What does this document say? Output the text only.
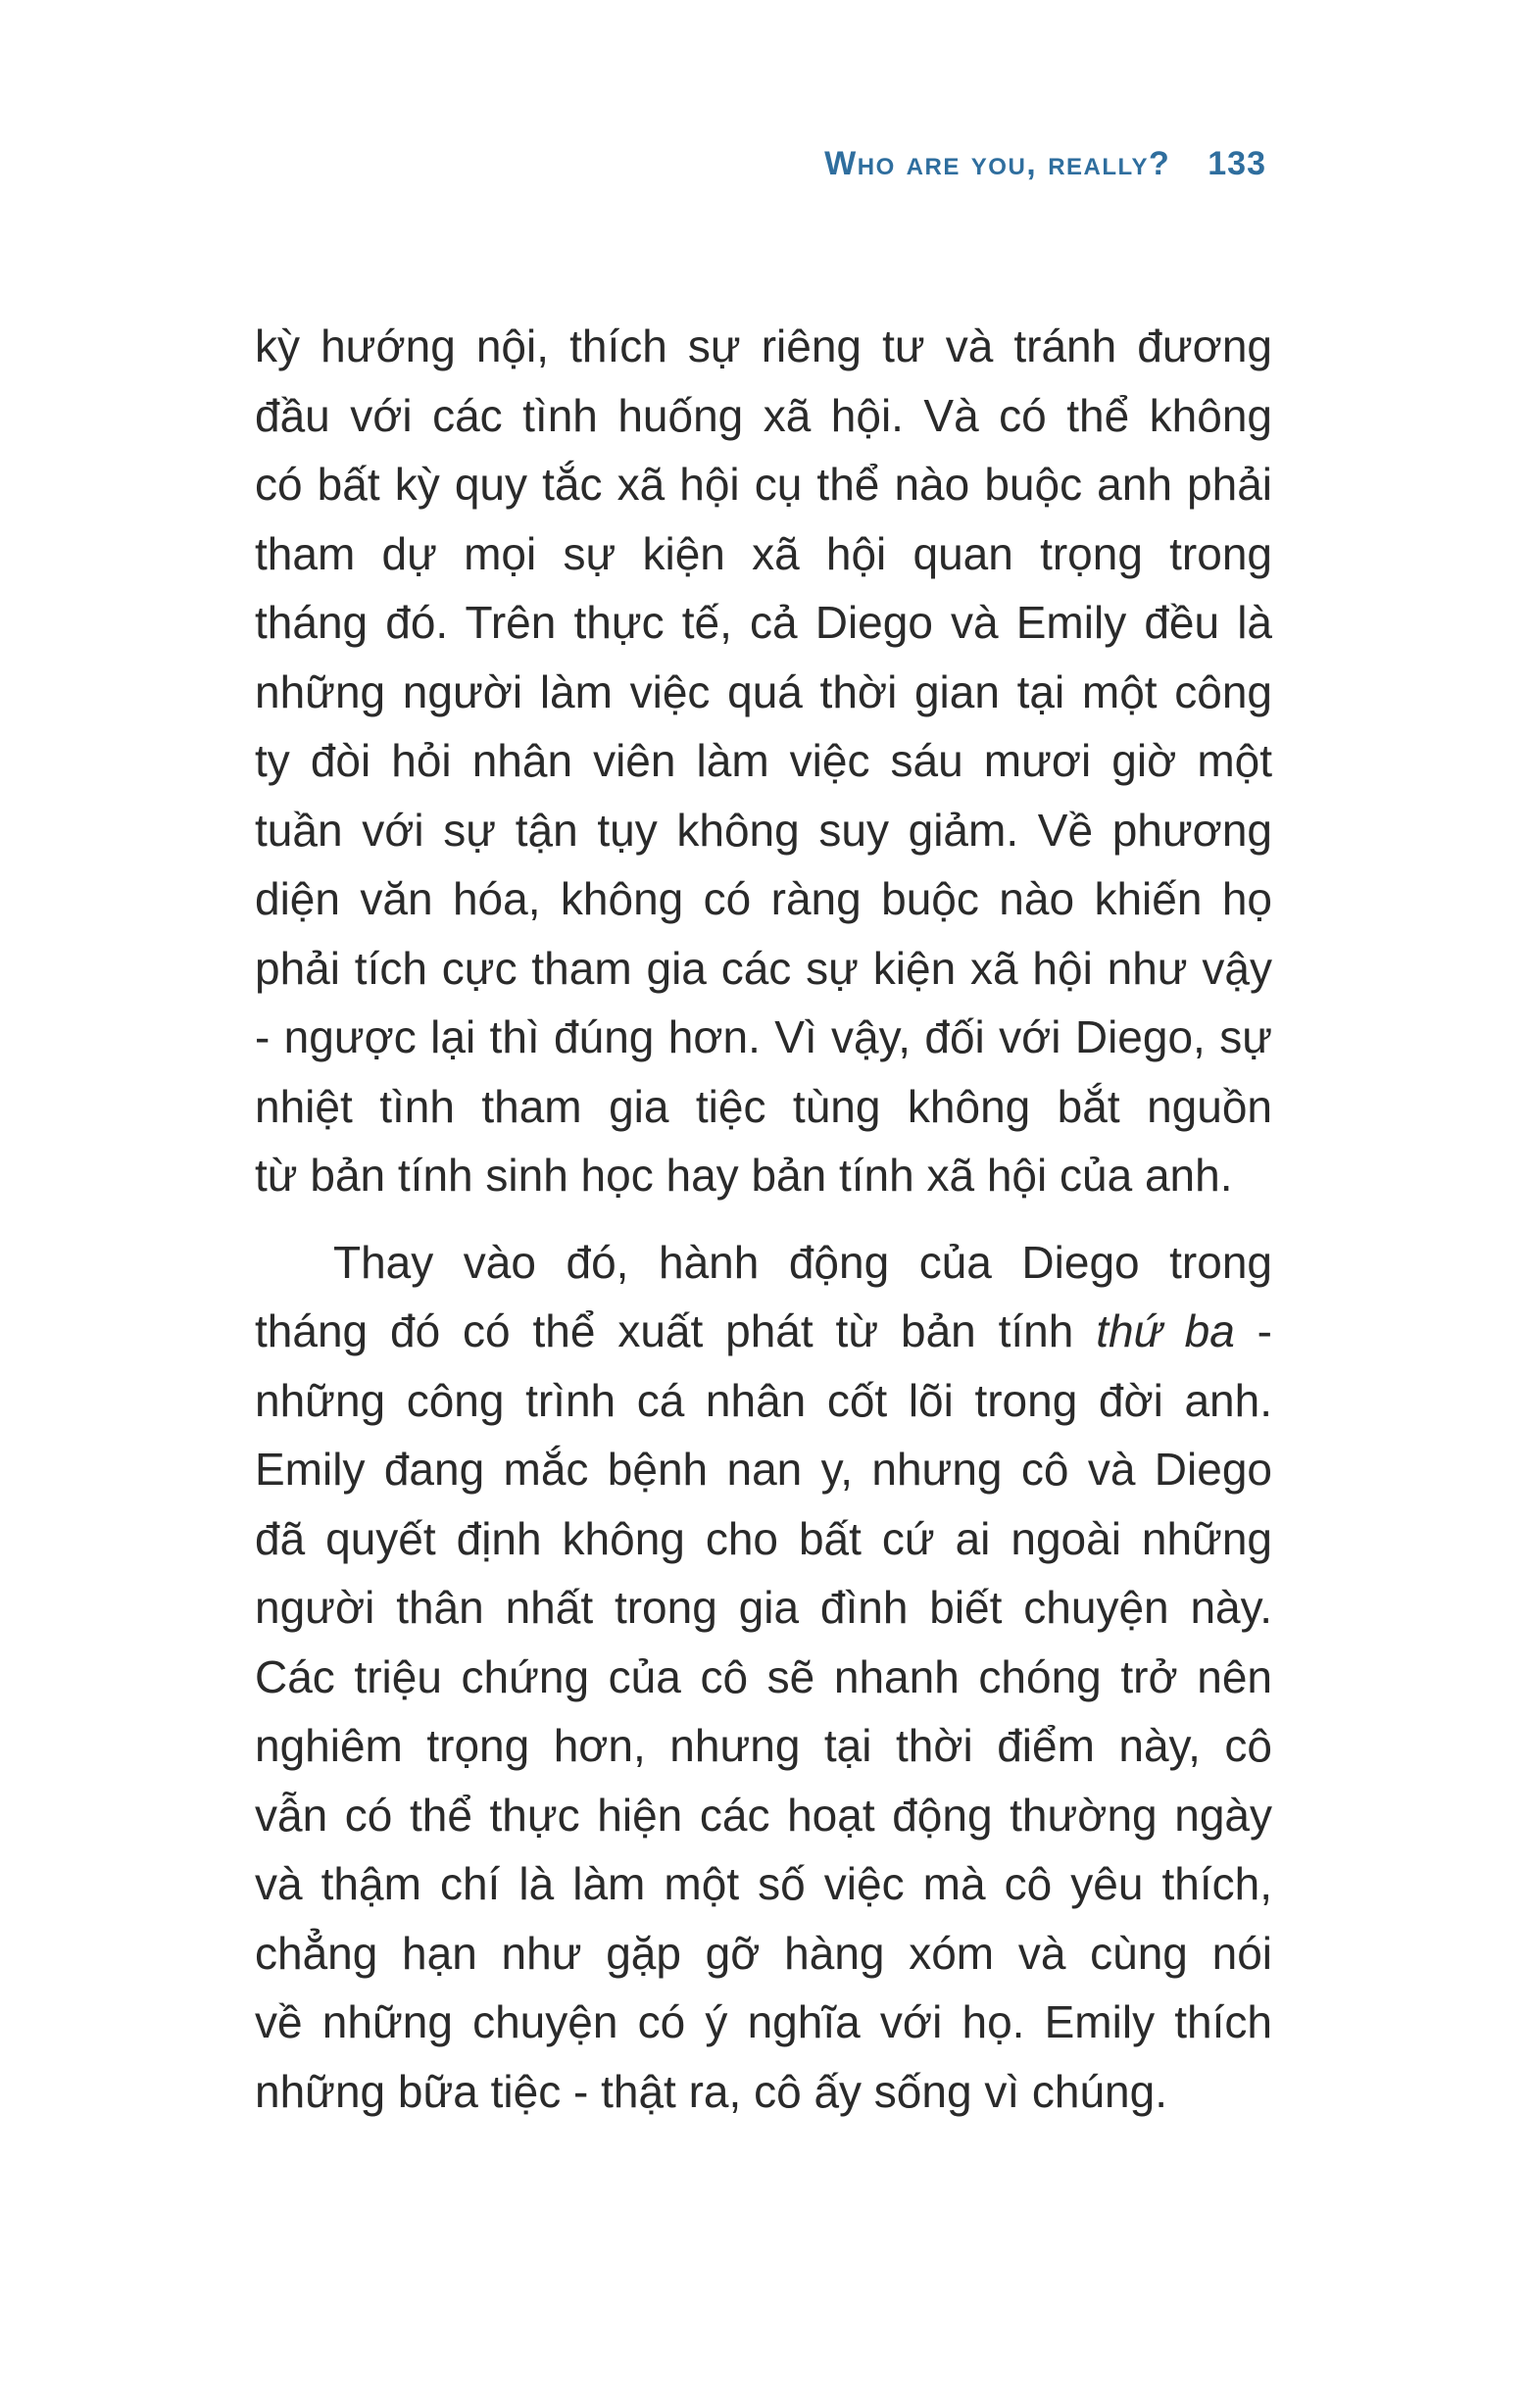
Who are you, really? 133
kỳ hướng nội, thích sự riêng tư và tránh đương
đầu với các tình huống xã hội. Và có thể không
có bất kỳ quy tắc xã hội cụ thể nào buộc anh phải
tham dự mọi sự kiện xã hội quan trọng trong
tháng đó. Trên thực tế, cả Diego và Emily đều là
những người làm việc quá thời gian tại một công
ty đòi hỏi nhân viên làm việc sáu mươi giờ một
tuần với sự tận tụy không suy giảm. Về phương
diện văn hóa, không có ràng buộc nào khiến họ
phải tích cực tham gia các sự kiện xã hội như vậy
- ngược lại thì đúng hơn. Vì vậy, đối với Diego, sự
nhiệt tình tham gia tiệc tùng không bắt nguồn
từ bản tính sinh học hay bản tính xã hội của anh.
Thay vào đó, hành động của Diego trong
tháng đó có thể xuất phát từ bản tính thứ ba -
những công trình cá nhân cốt lõi trong đời anh.
Emily đang mắc bệnh nan y, nhưng cô và Diego
đã quyết định không cho bất cứ ai ngoài những
người thân nhất trong gia đình biết chuyện này.
Các triệu chứng của cô sẽ nhanh chóng trở nên
nghiêm trọng hơn, nhưng tại thời điểm này, cô
vẫn có thể thực hiện các hoạt động thường ngày
và thậm chí là làm một số việc mà cô yêu thích,
chẳng hạn như gặp gỡ hàng xóm và cùng nói
về những chuyện có ý nghĩa với họ. Emily thích
những bữa tiệc - thật ra, cô ấy sống vì chúng.
